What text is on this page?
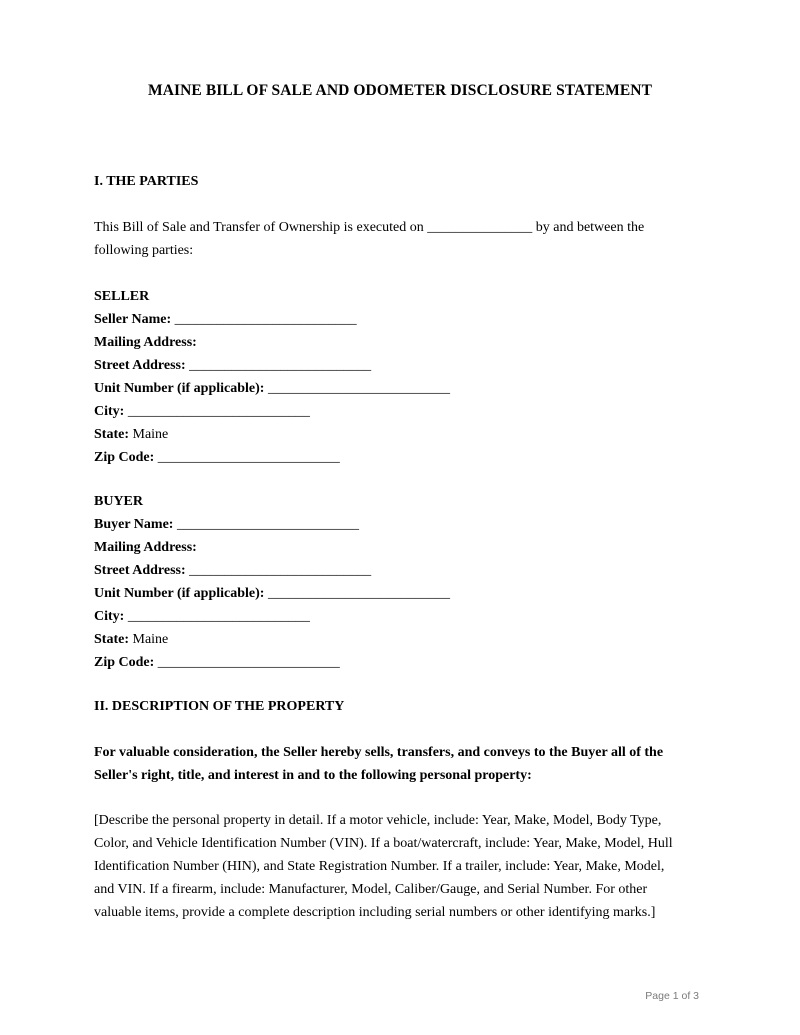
MAINE BILL OF SALE AND ODOMETER DISCLOSURE STATEMENT
I. THE PARTIES
This Bill of Sale and Transfer of Ownership is executed on _______________ by and between the
following parties:
SELLER
Seller Name: __________________________
Mailing Address:
Street Address: __________________________
Unit Number (if applicable): __________________________
City: __________________________
State: Maine
Zip Code: __________________________
BUYER
Buyer Name: __________________________
Mailing Address:
Street Address: __________________________
Unit Number (if applicable): __________________________
City: __________________________
State: Maine
Zip Code: __________________________
II. DESCRIPTION OF THE PROPERTY
For valuable consideration, the Seller hereby sells, transfers, and conveys to the Buyer all of the
Seller's right, title, and interest in and to the following personal property:
[Describe the personal property in detail. If a motor vehicle, include: Year, Make, Model, Body Type,
Color, and Vehicle Identification Number (VIN). If a boat/watercraft, include: Year, Make, Model, Hull
Identification Number (HIN), and State Registration Number. If a trailer, include: Year, Make, Model,
and VIN. If a firearm, include: Manufacturer, Model, Caliber/Gauge, and Serial Number. For other
valuable items, provide a complete description including serial numbers or other identifying marks.]
Page 1 of 3
